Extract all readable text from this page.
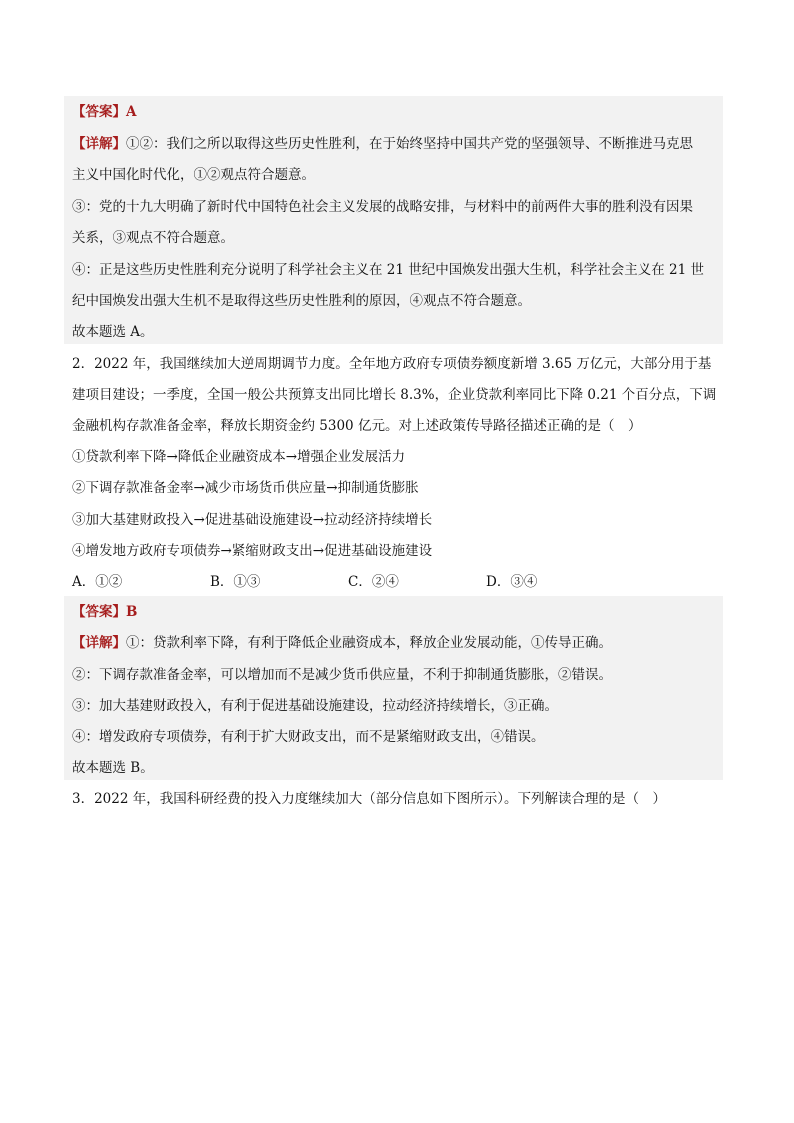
【答案】A
【详解】①②：我们之所以取得这些历史性胜利，在于始终坚持中国共产党的坚强领导、不断推进马克思
主义中国化时代化，①②观点符合题意。
③：党的十九大明确了新时代中国特色社会主义发展的战略安排，与材料中的前两件大事的胜利没有因果
关系，③观点不符合题意。
④：正是这些历史性胜利充分说明了科学社会主义在 21 世纪中国焕发出强大生机，科学社会主义在 21 世
纪中国焕发出强大生机不是取得这些历史性胜利的原因，④观点不符合题意。
故本题选 A。
2．2022 年，我国继续加大逆周期调节力度。全年地方政府专项债券额度新增 3.65 万亿元，大部分用于基
建项目建设；一季度，全国一般公共预算支出同比增长 8.3%，企业贷款利率同比下降 0.21 个百分点，下调
金融机构存款准备金率，释放长期资金约 5300 亿元。对上述政策传导路径描述正确的是（　）
①贷款利率下降→降低企业融资成本→增强企业发展活力
②下调存款准备金率→减少市场货币供应量→抑制通货膨胀
③加大基建财政投入→促进基础设施建设→拉动经济持续增长
④增发地方政府专项债券→紧缩财政支出→促进基础设施建设
A．①②	B．①③	C．②④	D．③④
【答案】B
【详解】①：贷款利率下降，有利于降低企业融资成本，释放企业发展动能，①传导正确。
②：下调存款准备金率，可以增加而不是减少货币供应量，不利于抑制通货膨胀，②错误。
③：加大基建财政投入，有利于促进基础设施建设，拉动经济持续增长，③正确。
④：增发政府专项债券，有利于扩大财政支出，而不是紧缩财政支出，④错误。
故本题选 B。
3．2022 年，我国科研经费的投入力度继续加大（部分信息如下图所示）。下列解读合理的是（　）
